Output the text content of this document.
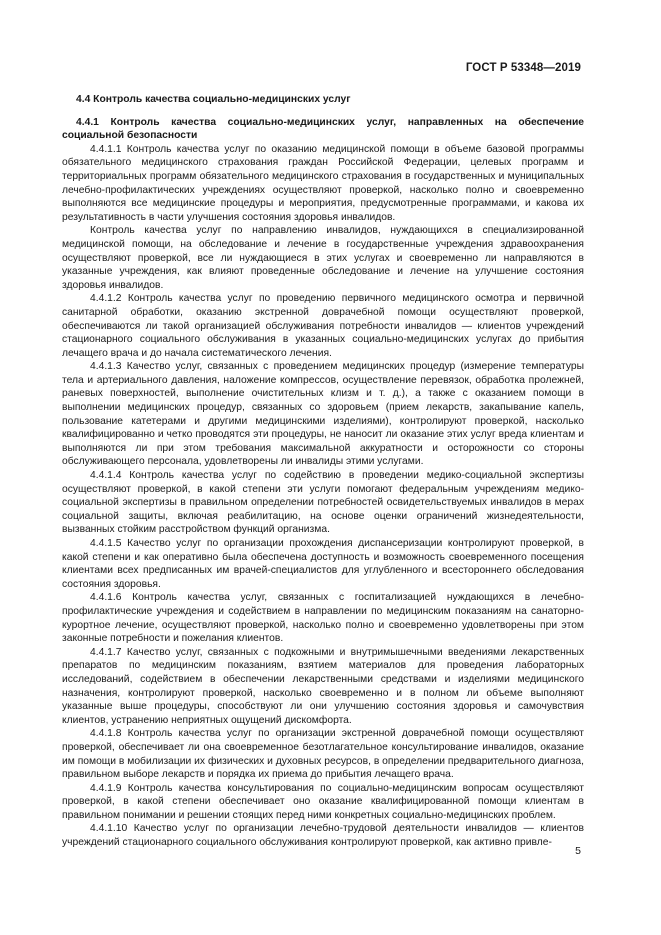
ГОСТ Р 53348—2019

4.4 Контроль качества социально-медицинских услуг

4.4.1 Контроль качества социально-медицинских услуг, направленных на обеспечение социальной безопасности

4.4.1.1 Контроль качества услуг по оказанию медицинской помощи в объеме базовой программы обязательного медицинского страхования граждан Российской Федерации, целевых программ и территориальных программ обязательного медицинского страхования в государственных и муниципальных лечебно-профилактических учреждениях осуществляют проверкой, насколько полно и своевременно выполняются все медицинские процедуры и мероприятия, предусмотренные программами, и какова их результативность в части улучшения состояния здоровья инвалидов.

Контроль качества услуг по направлению инвалидов, нуждающихся в специализированной медицинской помощи, на обследование и лечение в государственные учреждения здравоохранения осуществляют проверкой, все ли нуждающиеся в этих услугах и своевременно ли направляются в указанные учреждения, как влияют проведенные обследование и лечение на улучшение состояния здоровья инвалидов.

4.4.1.2 Контроль качества услуг по проведению первичного медицинского осмотра и первичной санитарной обработки, оказанию экстренной доврачебной помощи осуществляют проверкой, обеспечиваются ли такой организацией обслуживания потребности инвалидов — клиентов учреждений стационарного социального обслуживания в указанных социально-медицинских услугах до прибытия лечащего врача и до начала систематического лечения.

4.4.1.3 Качество услуг, связанных с проведением медицинских процедур (измерение температуры тела и артериального давления, наложение компрессов, осуществление перевязок, обработка пролежней, раневых поверхностей, выполнение очистительных клизм и т. д.), а также с оказанием помощи в выполнении медицинских процедур, связанных со здоровьем (прием лекарств, закапывание капель, пользование катетерами и другими медицинскими изделиями), контролируют проверкой, насколько квалифицированно и четко проводятся эти процедуры, не наносит ли оказание этих услуг вреда клиентам и выполняются ли при этом требования максимальной аккуратности и осторожности со стороны обслуживающего персонала, удовлетворены ли инвалиды этими услугами.

4.4.1.4 Контроль качества услуг по содействию в проведении медико-социальной экспертизы осуществляют проверкой, в какой степени эти услуги помогают федеральным учреждениям медико-социальной экспертизы в правильном определении потребностей освидетельствуемых инвалидов в мерах социальной защиты, включая реабилитацию, на основе оценки ограничений жизнедеятельности, вызванных стойким расстройством функций организма.

4.4.1.5 Качество услуг по организации прохождения диспансеризации контролируют проверкой, в какой степени и как оперативно была обеспечена доступность и возможность своевременного посещения клиентами всех предписанных им врачей-специалистов для углубленного и всестороннего обследования состояния здоровья.

4.4.1.6 Контроль качества услуг, связанных с госпитализацией нуждающихся в лечебно-профилактические учреждения и содействием в направлении по медицинским показаниям на санаторно-курортное лечение, осуществляют проверкой, насколько полно и своевременно удовлетворены при этом законные потребности и пожелания клиентов.

4.4.1.7 Качество услуг, связанных с подкожными и внутримышечными введениями лекарственных препаратов по медицинским показаниям, взятием материалов для проведения лабораторных исследований, содействием в обеспечении лекарственными средствами и изделиями медицинского назначения, контролируют проверкой, насколько своевременно и в полном ли объеме выполняют указанные выше процедуры, способствуют ли они улучшению состояния здоровья и самочувствия клиентов, устранению неприятных ощущений дискомфорта.

4.4.1.8 Контроль качества услуг по организации экстренной доврачебной помощи осуществляют проверкой, обеспечивает ли она своевременное безотлагательное консультирование инвалидов, оказание им помощи в мобилизации их физических и духовных ресурсов, в определении предварительного диагноза, правильном выборе лекарств и порядка их приема до прибытия лечащего врача.

4.4.1.9 Контроль качества консультирования по социально-медицинским вопросам осуществляют проверкой, в какой степени обеспечивает оно оказание квалифицированной помощи клиентам в правильном понимании и решении стоящих перед ними конкретных социально-медицинских проблем.

4.4.1.10 Качество услуг по организации лечебно-трудовой деятельности инвалидов — клиентов учреждений стационарного социального обслуживания контролируют проверкой, как активно привле-

5
